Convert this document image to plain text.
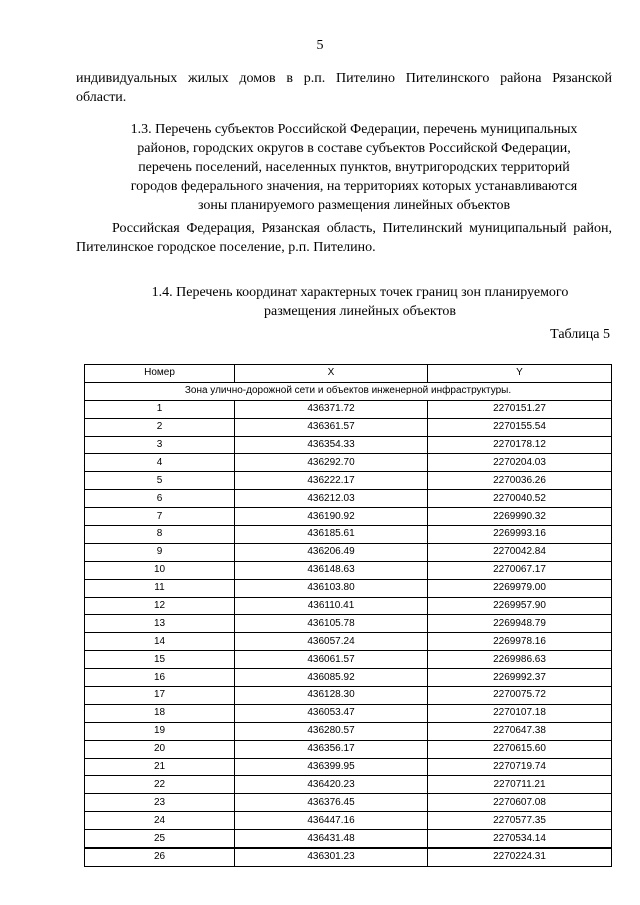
5
индивидуальных жилых домов в р.п. Пителино Пителинского района Рязанской
области.
1.3. Перечень субъектов Российской Федерации, перечень муниципальных
районов, городских округов в составе субъектов Российской Федерации,
перечень поселений, населенных пунктов, внутригородских территорий
городов федерального значения, на территориях которых устанавливаются
зоны планируемого размещения линейных объектов
Российская Федерация, Рязанская область, Пителинский муниципальный район, Пителинское городское поселение, р.п. Пителино.
1.4. Перечень координат характерных точек границ зон планируемого
размещения линейных объектов
Таблица 5
Номер	X	Y
Зона улично-дорожной сети и объектов инженерной инфраструктуры.		
1	436371.72	2270151.27
2	436361.57	2270155.54
3	436354.33	2270178.12
4	436292.70	2270204.03
5	436222.17	2270036.26
6	436212.03	2270040.52
7	436190.92	2269990.32
8	436185.61	2269993.16
9	436206.49	2270042.84
10	436148.63	2270067.17
11	436103.80	2269979.00
12	436110.41	2269957.90
13	436105.78	2269948.79
14	436057.24	2269978.16
15	436061.57	2269986.63
16	436085.92	2269992.37
17	436128.30	2270075.72
18	436053.47	2270107.18
19	436280.57	2270647.38
20	436356.17	2270615.60
21	436399.95	2270719.74
22	436420.23	2270711.21
23	436376.45	2270607.08
24	436447.16	2270577.35
25	436431.48	2270534.14
26	436301.23	2270224.31
